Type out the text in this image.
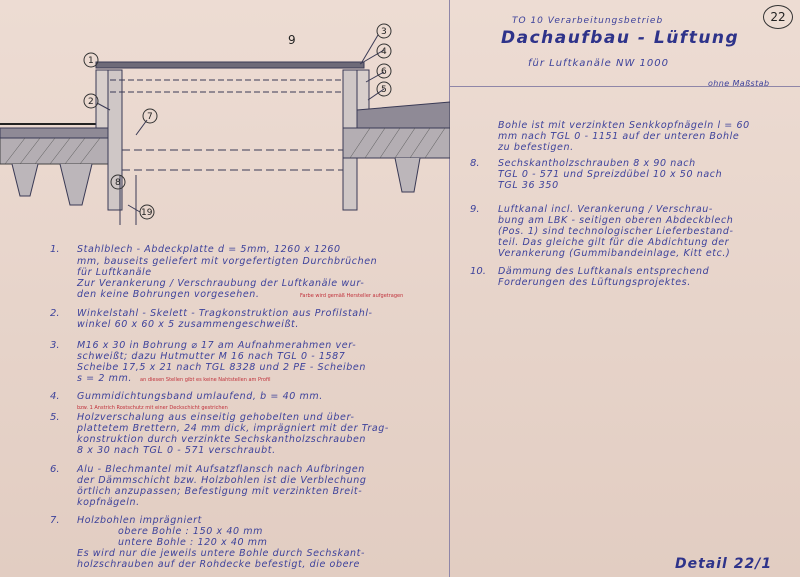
1
2
7
3
4
6
5
8
19
9
TO 10 Verarbeitungsbetrieb
Dachaufbau - Lüftung
für Luftkanäle NW 1000
ohne Maßstab
22
1. Stahlblech - Abdeckplatte d = 5mm, 1260 x 1260
mm, bauseits geliefert mit vorgefertigten Durchbrüchen
für Luftkanäle
Zur Verankerung / Verschraubung der Luftkanäle wur-
den keine Bohrungen vorgesehen.	Farbe wird gemäß Hersteller aufgetragen
2. Winkelstahl - Skelett - Tragkonstruktion aus Profilstahl-
winkel 60 x 60 x 5 zusammengeschweißt.
3. M16 x 30 in Bohrung ⌀ 17 am Aufnahmerahmen ver-
schweißt; dazu Hutmutter M 16 nach TGL 0 - 1587
Scheibe 17,5 x 21 nach TGL 8328 und 2 PE - Scheiben
s = 2 mm. an diesen Stellen gibt es keine Nahtstellen am Profil
4. Gummidichtungsband umlaufend, b = 40 mm.
bzw. 1 Anstrich Rostschutz mit einer Deckschicht gestrichen
5. Holzverschalung aus einseitig gehobelten und über-
plattetem Brettern, 24 mm dick, imprägniert mit der Trag-
konstruktion durch verzinkte Sechskantholzschrauben
8 x 30 nach TGL 0 - 571 verschraubt.
6. Alu - Blechmantel mit Aufsatzflansch nach Aufbringen
der Dämmschicht bzw. Holzbohlen ist die Verblechung
örtlich anzupassen; Befestigung mit verzinkten Breit-
kopfnägeln.
7. Holzbohlen imprägniert
obere Bohle : 150 x 40 mm
untere Bohle : 120 x 40 mm
Es wird nur die jeweils untere Bohle durch Sechskant-
holzschrauben auf der Rohdecke befestigt, die obere
Bohle ist mit verzinkten Senkkopfnägeln l = 60
mm nach TGL 0 - 1151 auf der unteren Bohle
zu befestigen.
8. Sechskantholzschrauben 8 x 90 nach
TGL 0 - 571 und Spreizdübel 10 x 50 nach
TGL 36 350
9. Luftkanal incl. Verankerung / Verschrau-
bung am LBK - seitigen oberen Abdeckblech
(Pos. 1) sind technologischer Lieferbestand-
teil. Das gleiche gilt für die Abdichtung der
Verankerung (Gummibandeinlage, Kitt etc.)
10. Dämmung des Luftkanals entsprechend
Forderungen des Lüftungsprojektes.
Detail 22/1
